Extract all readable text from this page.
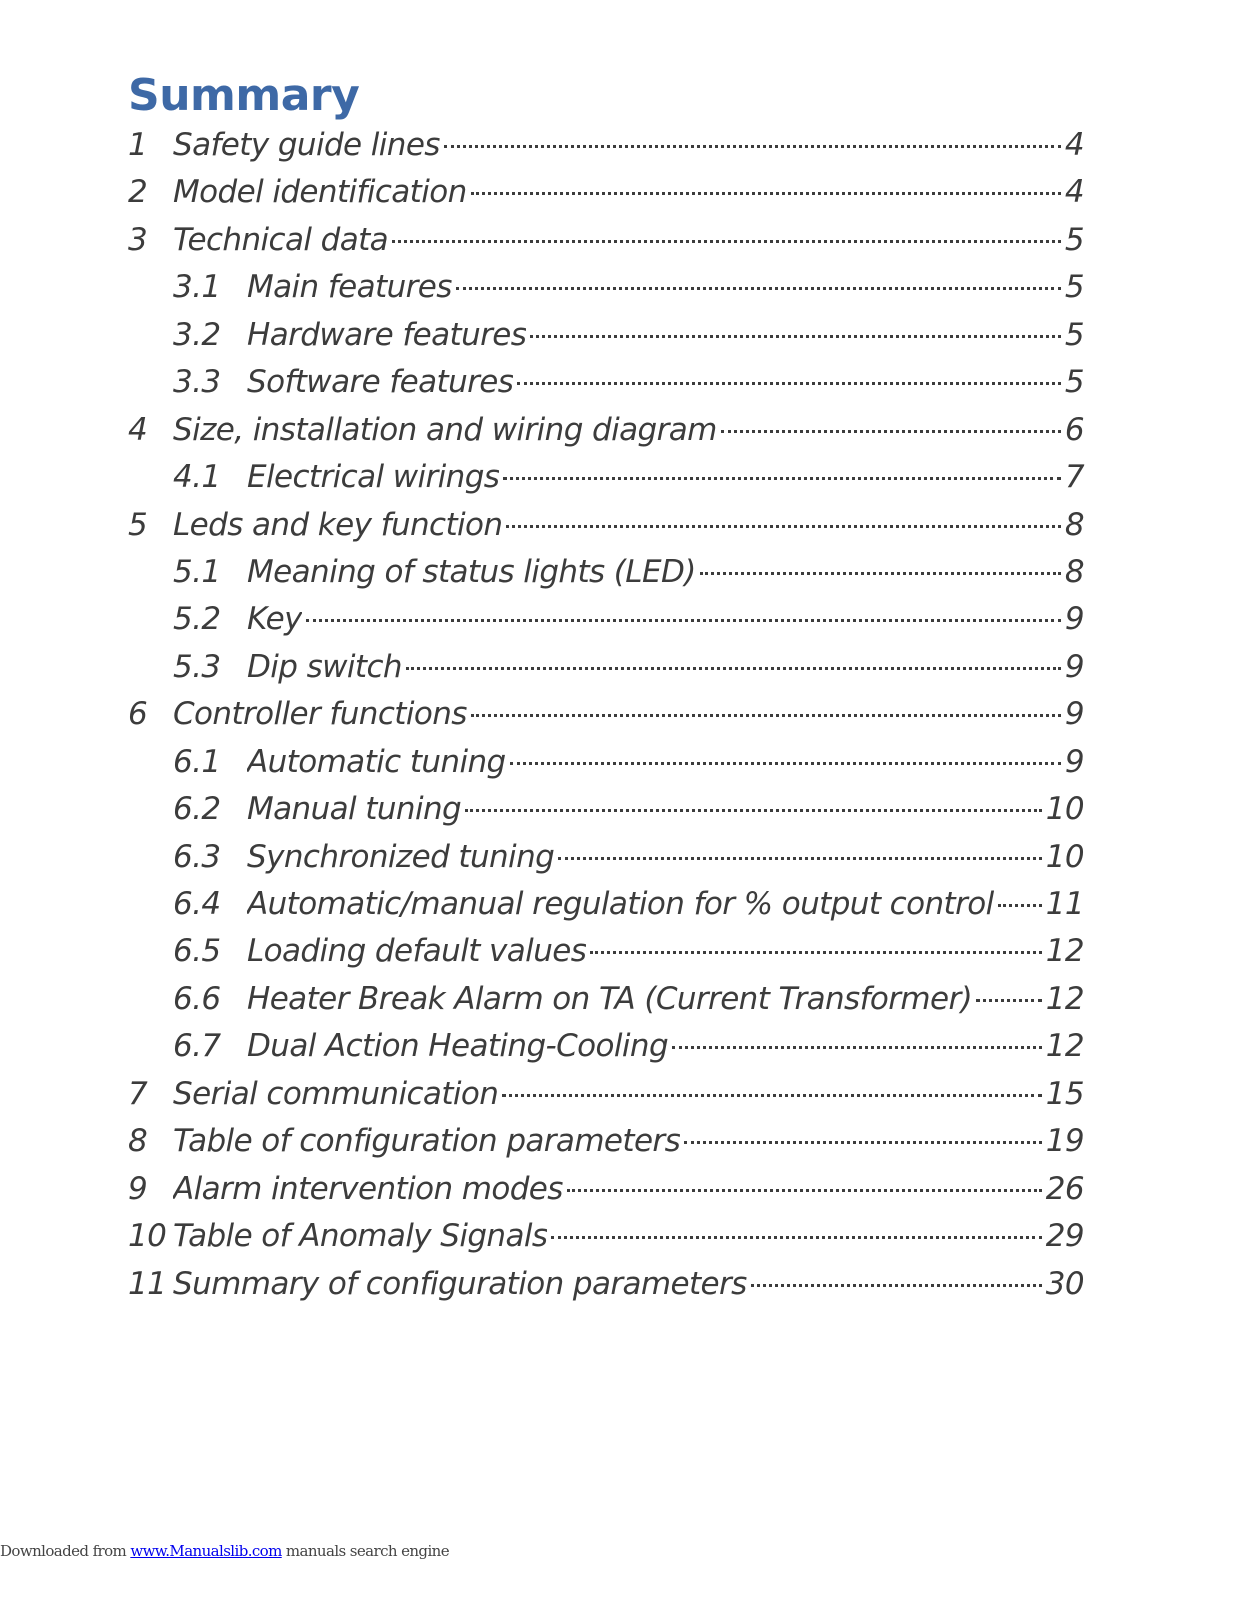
Summary
1 Safety guide lines	4
2 Model identification	4
3 Technical data	5
3.1 Main features	5
3.2 Hardware features	5
3.3 Software features	5
4 Size, installation and wiring diagram	6
4.1 Electrical wirings	7
5 Leds and key function	8
5.1 Meaning of status lights (LED)	8
5.2 Key	9
5.3 Dip switch	9
6 Controller functions	9
6.1 Automatic tuning	9
6.2 Manual tuning	10
6.3 Synchronized tuning	10
6.4 Automatic/manual regulation for % output control 11
6.5 Loading default values	12
6.6 Heater Break Alarm on TA (Current Transformer) 12
6.7 Dual Action Heating-Cooling	12
7 Serial communication	15
8 Table of configuration parameters	19
9 Alarm intervention modes	26
10 Table of Anomaly Signals	29
11 Summary of configuration parameters	30
Downloaded from www.Manualslib.com manuals search engine
